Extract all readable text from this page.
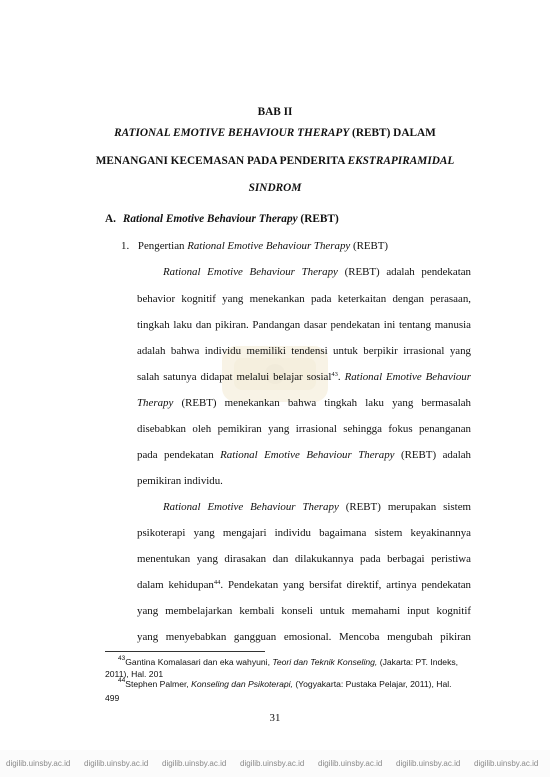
BAB II
RATIONAL EMOTIVE BEHAVIOUR THERAPY (REBT) DALAM
MENANGANI KECEMASAN PADA PENDERITA EKSTRAPIRAMIDAL
SINDROM
A. Rational Emotive Behaviour Therapy (REBT)
1. Pengertian Rational Emotive Behaviour Therapy (REBT)
Rational Emotive Behaviour Therapy (REBT) adalah pendekatan
behavior kognitif yang menekankan pada keterkaitan dengan perasaan,
tingkah laku dan pikiran. Pandangan dasar pendekatan ini tentang manusia
adalah bahwa individu memiliki tendensi untuk berpikir irrasional yang
salah satunya didapat melalui belajar sosial$^{43}$. Rational Emotive Behaviour
Therapy (REBT) menekankan bahwa tingkah laku yang bermasalah
disebabkan oleh pemikiran yang irrasional sehingga fokus penanganan
pada pendekatan Rational Emotive Behaviour Therapy (REBT) adalah
pemikiran individu.
Rational Emotive Behaviour Therapy (REBT) merupakan sistem
psikoterapi yang mengajari individu bagaimana sistem keyakinannya
menentukan yang dirasakan dan dilakukannya pada berbagai peristiwa
dalam kehidupan$^{44}$. Pendekatan yang bersifat direktif, artinya pendekatan
yang membelajarkan kembali konseli untuk memahami input kognitif
yang menyebabkan gangguan emosional. Mencoba mengubah pikiran
$^{43}$Gantina Komalasari dan eka wahyuni, Teori dan Teknik Konseling, (Jakarta: PT. Indeks,
2011), Hal. 201
$^{44}$Stephen Palmer, Konseling dan Psikoterapi, (Yogyakarta: Pustaka Pelajar, 2011), Hal.
499
31
digilib.uinsby.ac.id digilib.uinsby.ac.id digilib.uinsby.ac.id digilib.uinsby.ac.id digilib.uinsby.ac.id digilib.uinsby.ac.id digilib.uinsby.ac.id
